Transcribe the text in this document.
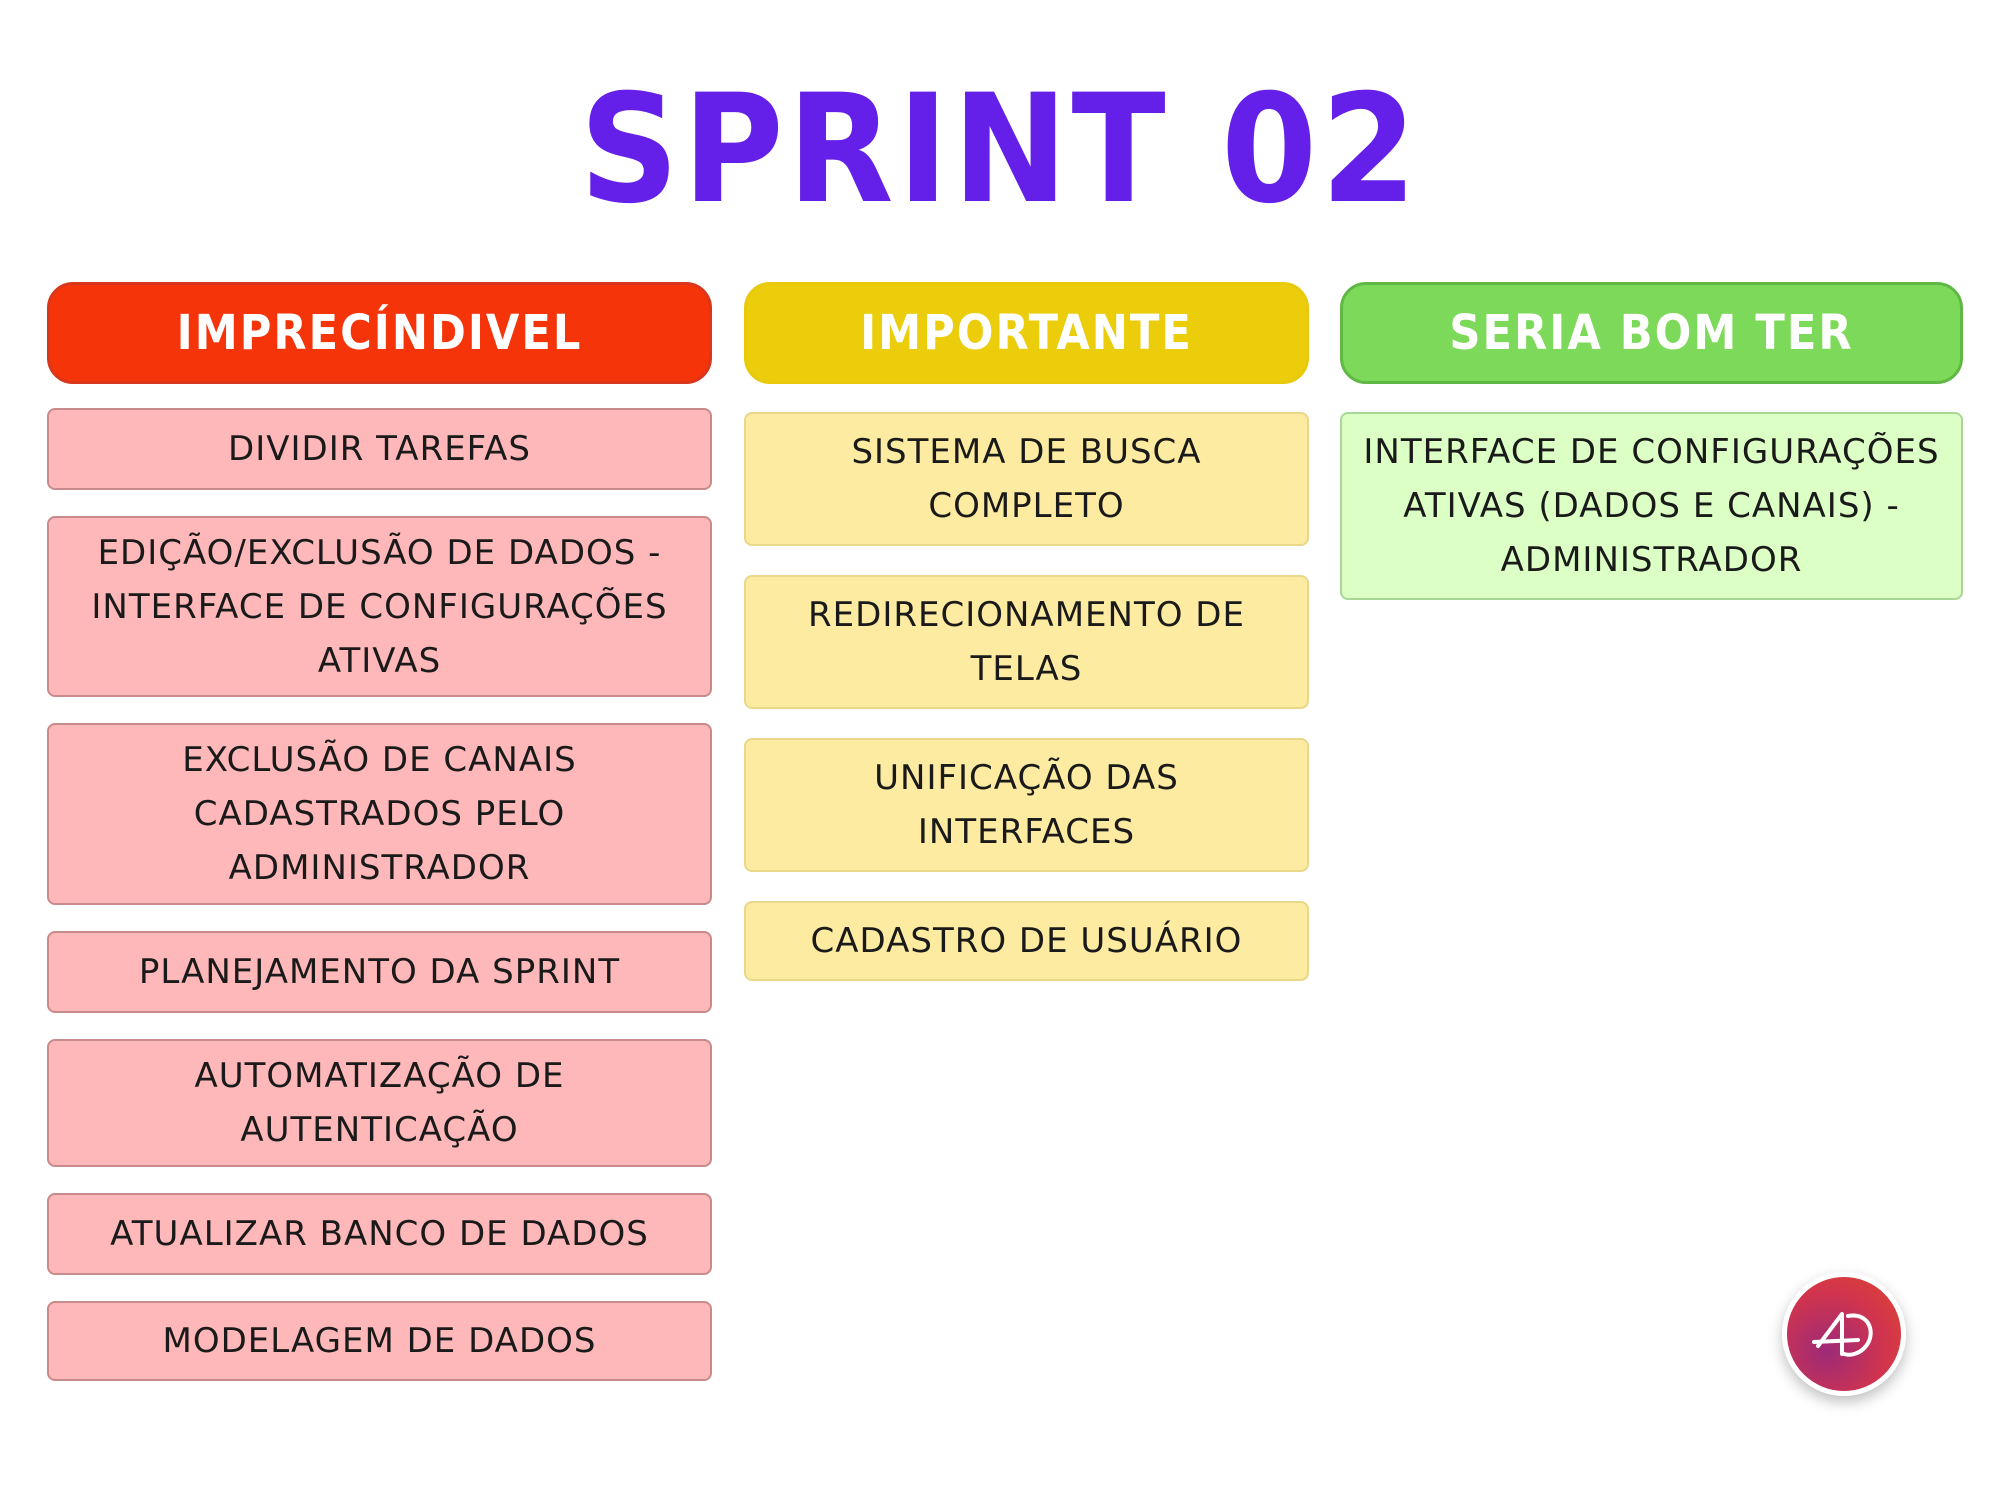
SPRINT 02
IMPRECÍNDIVEL
DIVIDIR TAREFAS
EDIÇÃO/EXCLUSÃO DE DADOS - INTERFACE DE CONFIGURAÇÕES ATIVAS
EXCLUSÃO DE CANAIS CADASTRADOS PELO ADMINISTRADOR
PLANEJAMENTO DA SPRINT
AUTOMATIZAÇÃO DE AUTENTICAÇÃO
ATUALIZAR BANCO DE DADOS
MODELAGEM DE DADOS
IMPORTANTE
SISTEMA DE BUSCA COMPLETO
REDIRECIONAMENTO DE TELAS
UNIFICAÇÃO DAS INTERFACES
CADASTRO DE USUÁRIO
SERIA BOM TER
INTERFACE DE CONFIGURAÇÕES ATIVAS (DADOS E CANAIS) - ADMINISTRADOR
